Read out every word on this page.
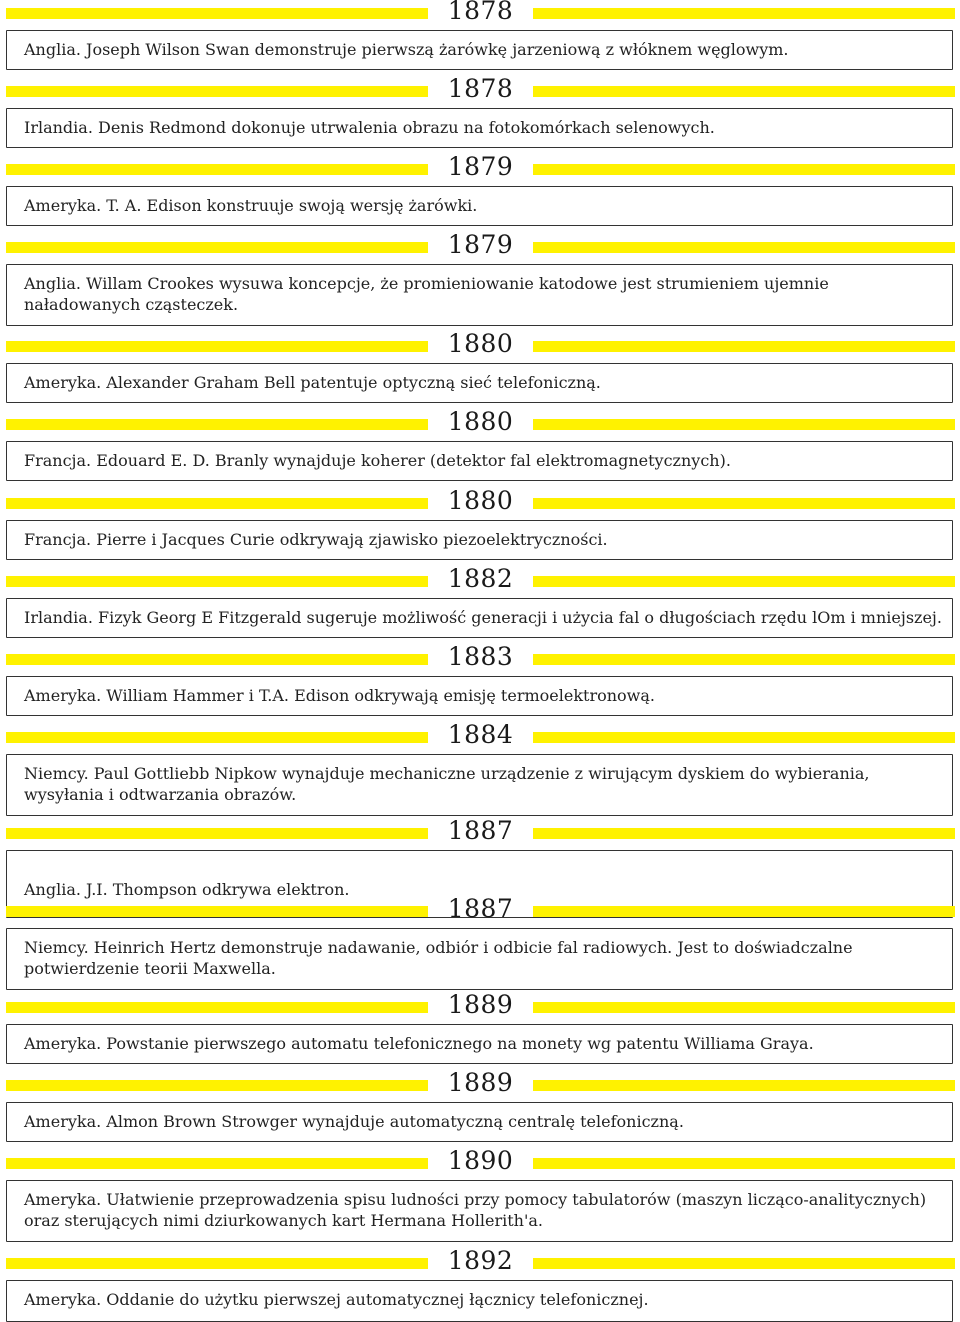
1878
Anglia. Joseph Wilson Swan demonstruje pierwszą żarówkę jarzeniową z włóknem węglowym.
1878
Irlandia. Denis Redmond dokonuje utrwalenia obrazu na fotokomórkach selenowych.
1879
Ameryka. T. A. Edison konstruuje swoją wersję żarówki.
1879
Anglia. Willam Crookes wysuwa koncepcje, że promieniowanie katodowe jest strumieniem ujemnie naładowanych cząsteczek.
1880
Ameryka. Alexander Graham Bell patentuje optyczną sieć telefoniczną.
1880
Francja. Edouard E. D. Branly wynajduje koherer (detektor fal elektromagnetycznych).
1880
Francja. Pierre i Jacques Curie odkrywają zjawisko piezoelektryczności.
1882
Irlandia. Fizyk Georg E Fitzgerald sugeruje możliwość generacji i użycia fal o długościach rzędu lOm i mniejszej.
1883
Ameryka. William Hammer i T.A. Edison odkrywają emisję termoelektronową.
1884
Niemcy. Paul Gottliebb Nipkow wynajduje mechaniczne urządzenie z wirującym dyskiem do wybierania, wysyłania i odtwarzania obrazów.
1887
Anglia. J.I. Thompson odkrywa elektron.
1887
Niemcy. Heinrich Hertz demonstruje nadawanie, odbiór i odbicie fal radiowych. Jest to doświadczalne potwierdzenie teorii Maxwella.
1889
Ameryka. Powstanie pierwszego automatu telefonicznego na monety wg patentu Williama Graya.
1889
Ameryka. Almon Brown Strowger wynajduje automatyczną centralę telefoniczną.
1890
Ameryka. Ułatwienie przeprowadzenia spisu ludności przy pomocy tabulatorów (maszyn licząco-analitycznych) oraz sterujących nimi dziurkowanych kart Hermana Hollerith'a.
1892
Ameryka. Oddanie do użytku pierwszej automatycznej łącznicy telefonicznej.
